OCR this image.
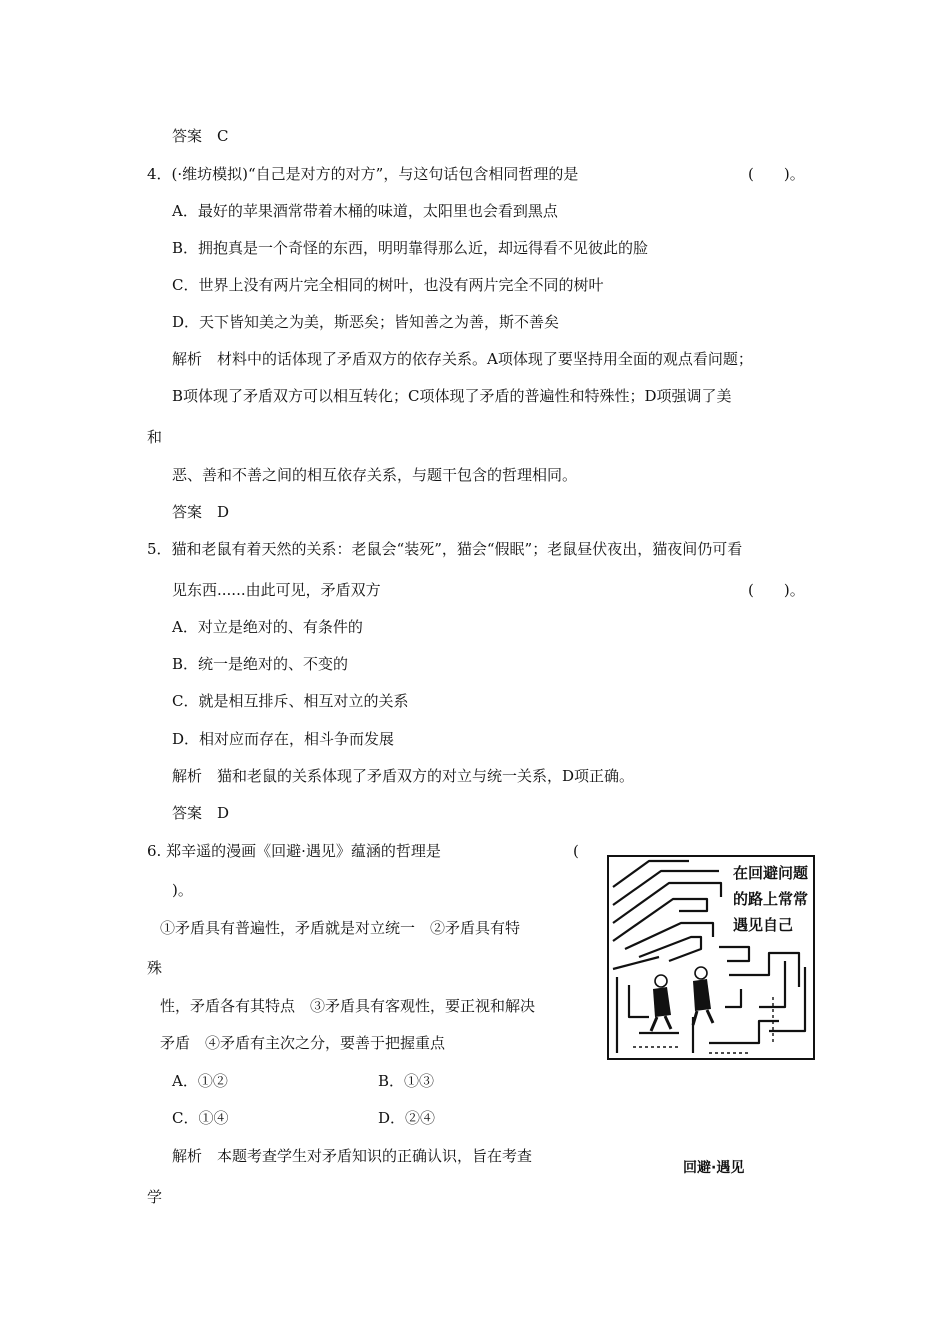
答案　C
4．(·维坊模拟)“自己是对方的对方”，与这句话包含相同哲理的是	(　　)。
A．最好的苹果酒常带着木桶的味道，太阳里也会看到黑点
B．拥抱真是一个奇怪的东西，明明靠得那么近，却远得看不见彼此的脸
C．世界上没有两片完全相同的树叶，也没有两片完全不同的树叶
D．天下皆知美之为美，斯恶矣；皆知善之为善，斯不善矣
解析　材料中的话体现了矛盾双方的依存关系。A项体现了要坚持用全面的观点看问题；
B项体现了矛盾双方可以相互转化；C项体现了矛盾的普遍性和特殊性；D项强调了美
和
恶、善和不善之间的相互依存关系，与题干包含的哲理相同。
答案　D
5．猫和老鼠有着天然的关系：老鼠会“装死”，猫会“假眠”；老鼠昼伏夜出，猫夜间仍可看
见东西......由此可见，矛盾双方	(　　)。
A．对立是绝对的、有条件的
B．统一是绝对的、不变的
C．就是相互排斥、相互对立的关系
D．相对应而存在，相斗争而发展
解析　猫和老鼠的关系体现了矛盾双方的对立与统一关系，D项正确。
答案　D
6. 郑辛遥的漫画《回避·遇见》蕴涵的哲理是	(
)。
①矛盾具有普遍性，矛盾就是对立统一　②矛盾具有特
殊
性，矛盾各有其特点　③矛盾具有客观性，要正视和解决
矛盾　④矛盾有主次之分，要善于把握重点
A．①②	B．①③
C．①④	D．②④
解析　本题考查学生对矛盾知识的正确认识，旨在考查
学
在回避问题
的路上常常
遇见自己
回避·遇见
